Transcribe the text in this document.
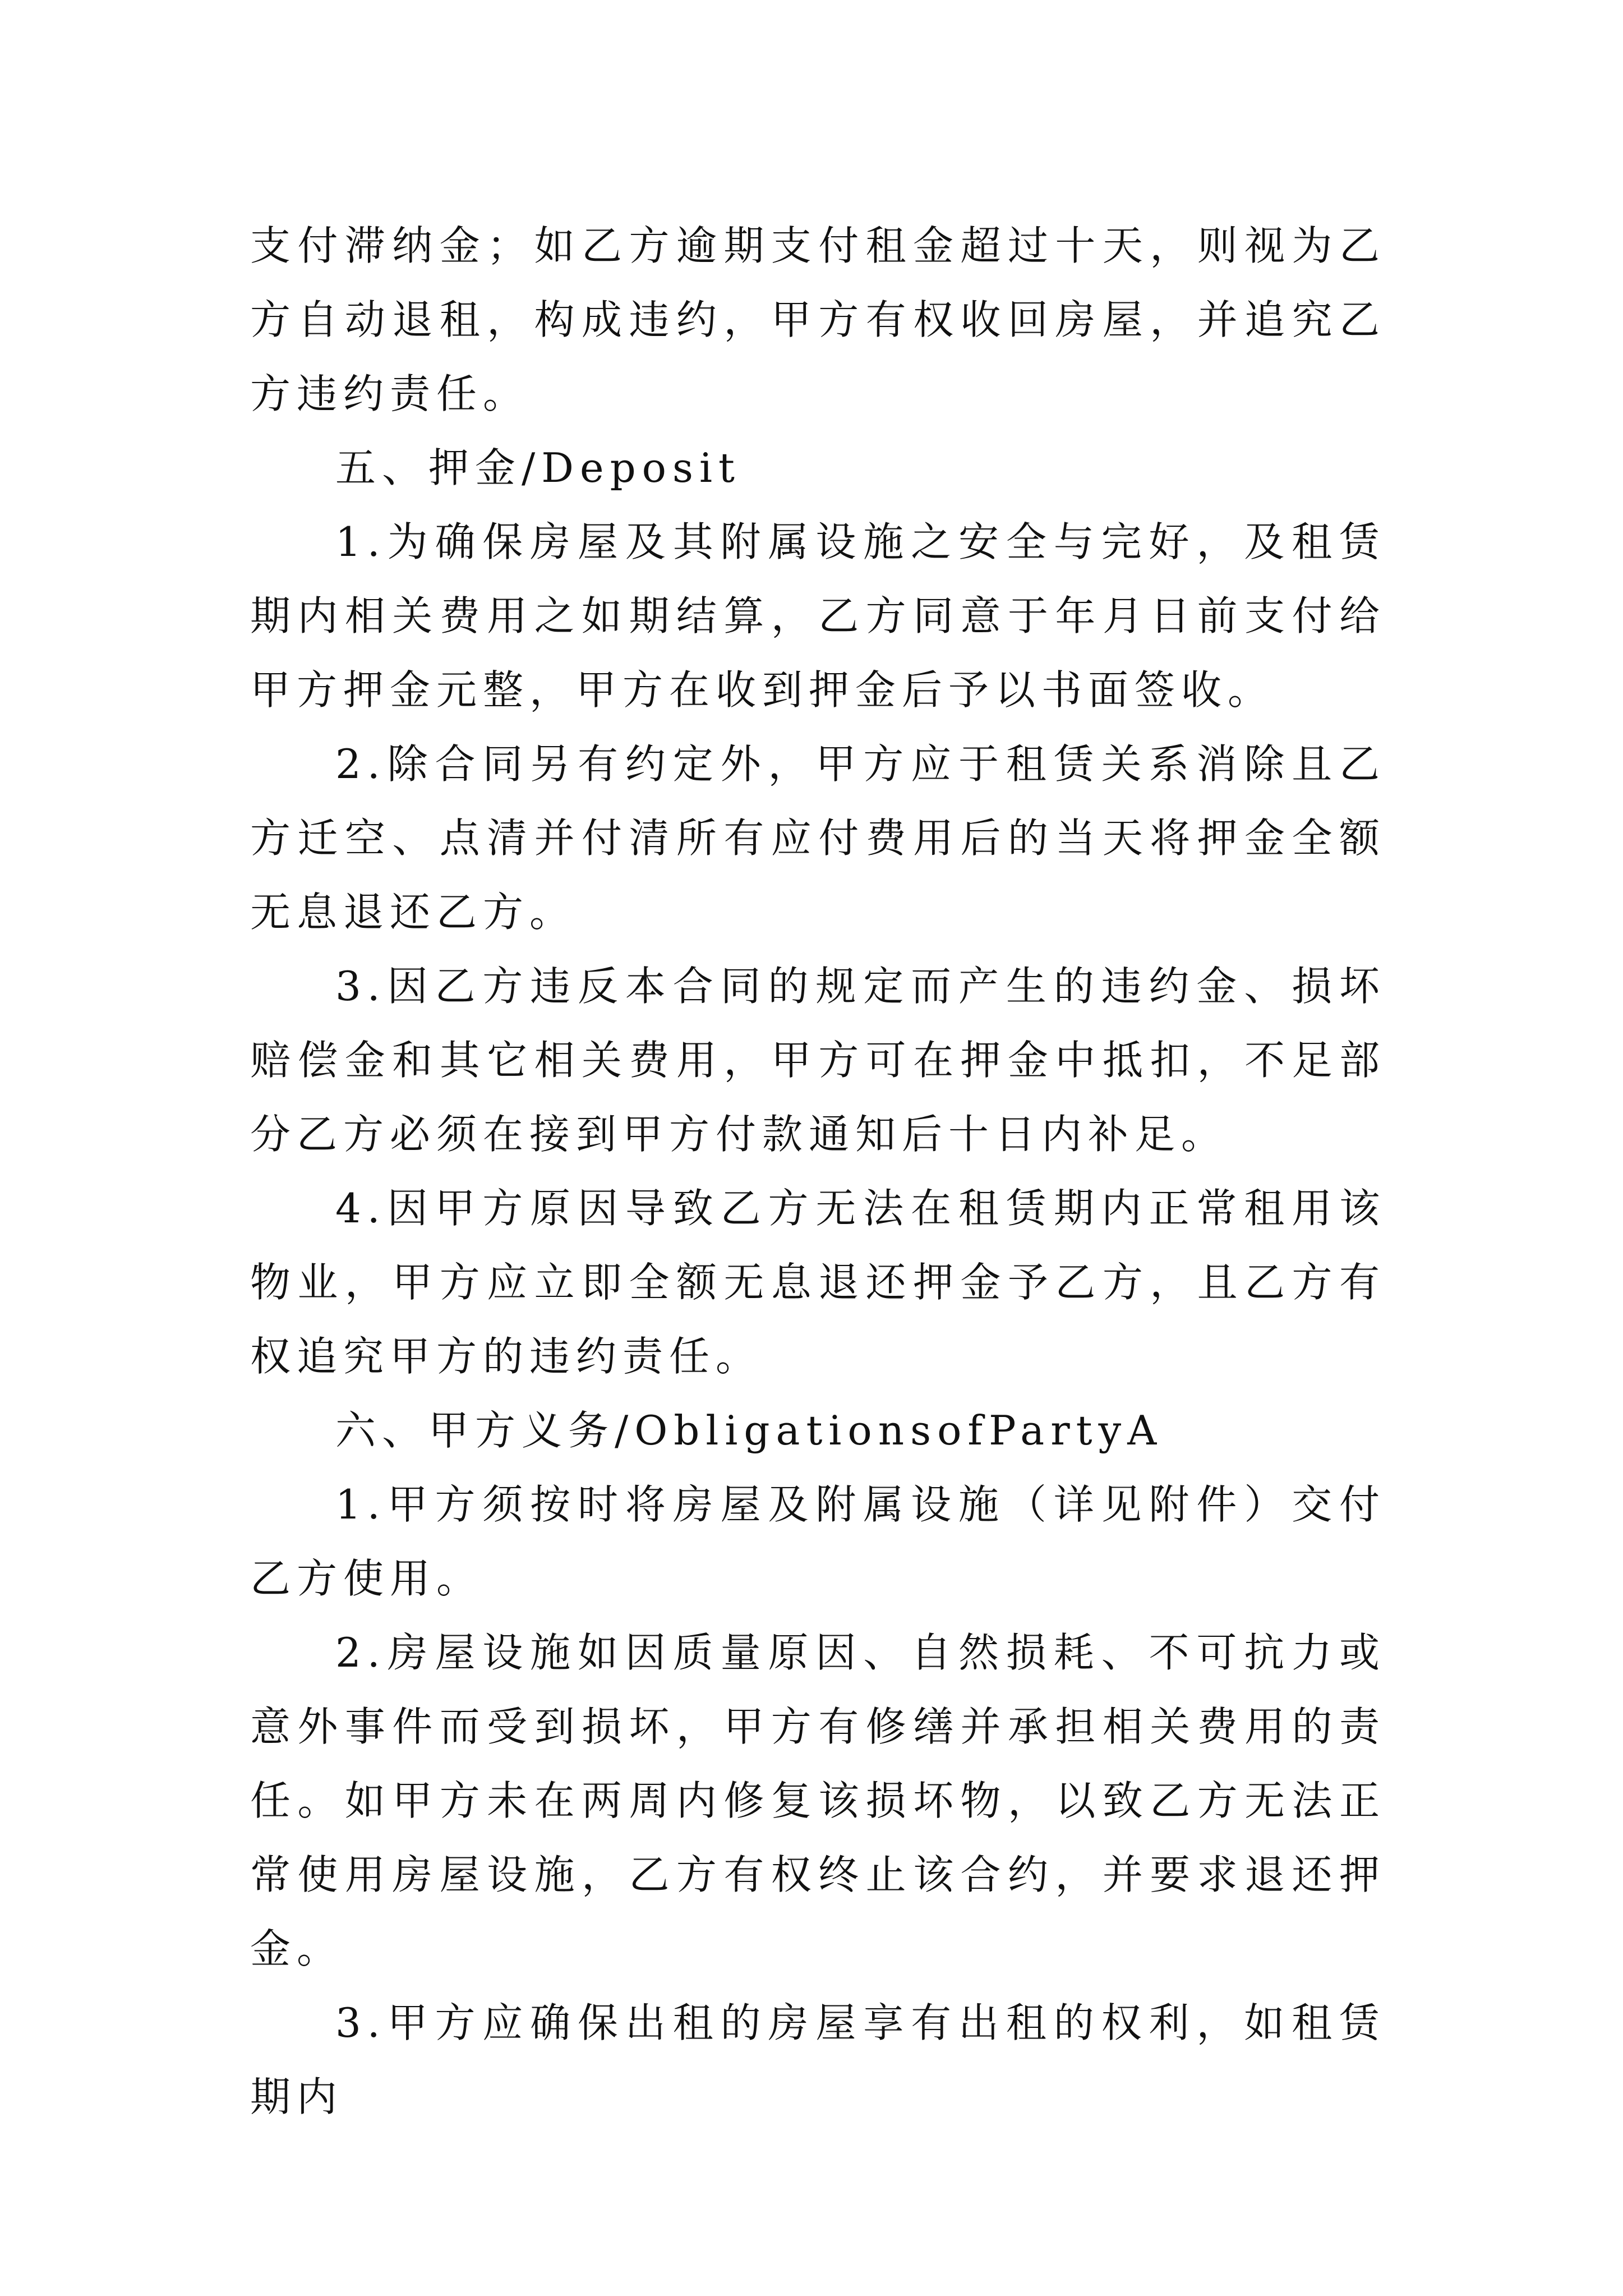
支付滞纳金；如乙方逾期支付租金超过十天，则视为乙方自动退租，构成违约，甲方有权收回房屋，并追究乙方违约责任。

五、押金/Deposit

1.为确保房屋及其附属设施之安全与完好，及租赁期内相关费用之如期结算，乙方同意于年月日前支付给甲方押金元整，甲方在收到押金后予以书面签收。

2.除合同另有约定外，甲方应于租赁关系消除且乙方迁空、点清并付清所有应付费用后的当天将押金全额无息退还乙方。

3.因乙方违反本合同的规定而产生的违约金、损坏赔偿金和其它相关费用，甲方可在押金中抵扣，不足部分乙方必须在接到甲方付款通知后十日内补足。

4.因甲方原因导致乙方无法在租赁期内正常租用该物业，甲方应立即全额无息退还押金予乙方，且乙方有权追究甲方的违约责任。

六、甲方义务/ObligationsofPartyA

1.甲方须按时将房屋及附属设施（详见附件）交付乙方使用。

2.房屋设施如因质量原因、自然损耗、不可抗力或意外事件而受到损坏，甲方有修缮并承担相关费用的责任。如甲方未在两周内修复该损坏物，以致乙方无法正常使用房屋设施，乙方有权终止该合约，并要求退还押金。

3.甲方应确保出租的房屋享有出租的权利，如租赁期内
